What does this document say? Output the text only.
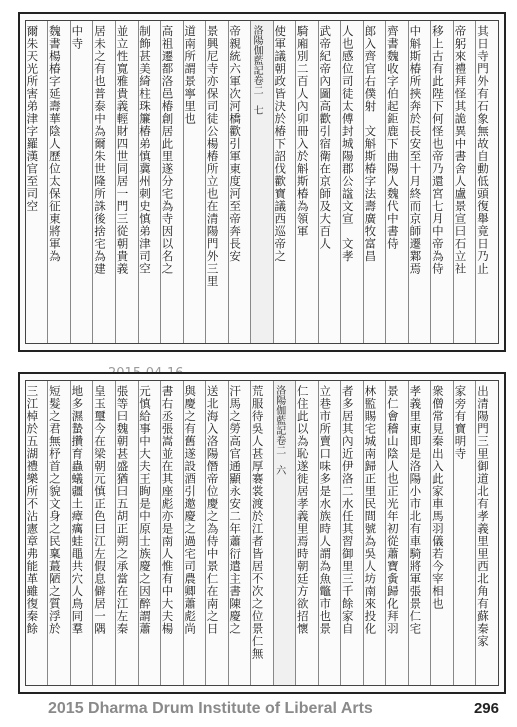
其日寺門外有石象無故自動低頭復舉竟日乃止
帝躬來禮拜怪其詭異中書舍人盧景宣曰石立社
移上古有此陛下何怪也帝乃還宮七月中帝為侍
中斛斯椿所挾奔於長安至十月終而京師遷鄴焉
齊書魏收字伯起鉅鹿下曲陽人魏代中書侍
郎入齊官右僕射　文斛斯椿字法壽廣牧富昌
人也感位司徒太傅封城陽郡公諡文宣　文孝
武帝紀帝內圖高歡引宿衛在京師及大百人
騎廂別二百人內卯冊入於斛斯椿為領軍
使軍議朝政皆決於椿下詔伐歡寶議西巡帝之
洛陽伽藍記卷二　七
帝親統六軍次河橋歡引軍東度河至帝奔長安
景興尼寺亦保司徒公楊椿所立也在清陽門外三里
道南所謂景寧里也
高祖遷都洛邑椿創居此里遂分宅為寺因以名之
制飾甚美綺柱珠簾椿弟慎冀州刺史慎弟津司空
並立性寬雅貴義輕財四世同居一門三從朝貴義
居未之有也普泰中為爾朱世隆所誅後捨宅為建
中寺
魏書楊椿字延壽華陰人歷位太保征東將軍為
爾朱天光所害弟津字羅漢官至司空
出清陽門三里御道北有孝義里里西北角有蘇秦家
家旁有寶明寺
衆僧常見秦出入此家車馬羽儀若今宰相也
孝義里東即是洛陽小市北有車騎將軍張景仁宅
景仁會稽山陰人也正光年初從蕭寶夤歸化拜羽
林監賜宅城南歸正里民間號為吳人坊南來投化
者多居其內近伊洛二水任其習御里三千餘家自
立巷市所賣口味多是水族時人謂為魚鼈市也景
仁住此以為恥遂徙居孝義里焉時朝廷方欲招懷
洛陽伽藍記卷二　六
荒服待吳人甚厚褰裳渡於江者皆居不次之位景仁無
汗馬之勞高官通顯永安二年蕭衍遣主書陳慶之
送北海入洛陽僭帝位慶之為侍中景仁在南之日
與慶之有舊遂設酒引邀慶之過宅司農卿蕭彪尚
書右丞張嵩並在其座彪亦是南人惟有中大夫楊
元慎給事中大夫王眴是中原士族慶之因醉謂蕭
張等曰魏朝甚盛猶曰五胡正朔之承當在江左秦
皇玉璽今在梁朝元慎正色曰江左假息僻居一隅
地多濕蟄攢育蟲蟻疆土瘴癘蛙黽共穴人鳥同羣
短髮之君無杼首之貌文身之民稟蕞陋之質浮於
三江棹於五湖禮樂所不沾憲章弗能革雖復秦餘
2015 Dharma Drum Institute of Liberal Arts	296
